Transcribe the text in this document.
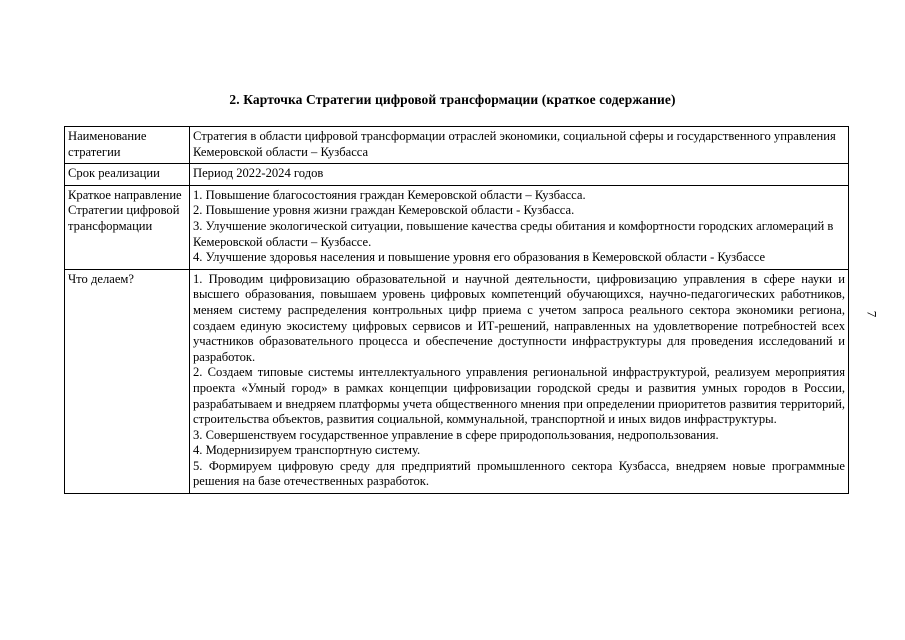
2. Карточка Стратегии цифровой трансформации (краткое содержание)
Наименование стратегии	Стратегия в области цифровой трансформации отраслей экономики, социальной сферы и государственного управления Кемеровской области – Кузбасса

Срок реализации	Период 2022-2024 годов

Краткое направление Стратегии цифровой трансформации	1. Повышение благосостояния граждан Кемеровской области – Кузбасса.

2. Повышение уровня жизни граждан Кемеровской области - Кузбасса.

3. Улучшение экологической ситуации, повышение качества среды обитания и комфортности городских агломераций в Кемеровской области – Кузбассе.

4. Улучшение здоровья населения и повышение уровня его образования в Кемеровской области - Кузбассе

Что делаем?	1. Проводим цифровизацию образовательной и научной деятельности, цифровизацию управления в сфере науки и высшего образования, повышаем уровень цифровых компетенций обучающихся, научно-педагогических работников, меняем систему распределения контрольных цифр приема с учетом запроса реального сектора экономики региона, создаем единую экосистему цифровых сервисов и ИТ-решений, направленных на удовлетворение потребностей всех участников образовательного процесса и обеспечение доступности инфраструктуры для проведения исследований и разработок.

2. Создаем типовые системы интеллектуального управления региональной инфраструктурой, реализуем мероприятия проекта «Умный город» в рамках концепции цифровизации городской среды и развития умных городов в России, разрабатываем и внедряем платформы учета общественного мнения при определении приоритетов развития территорий, строительства объектов, развития социальной, коммунальной, транспортной и иных видов инфраструктуры.

3. Совершенствуем государственное управление в сфере природопользования, недропользования.

4. Модернизируем транспортную систему.

5. Формируем цифровую среду для предприятий промышленного сектора Кузбасса, внедряем новые программные решения на базе отечественных разработок.

7
